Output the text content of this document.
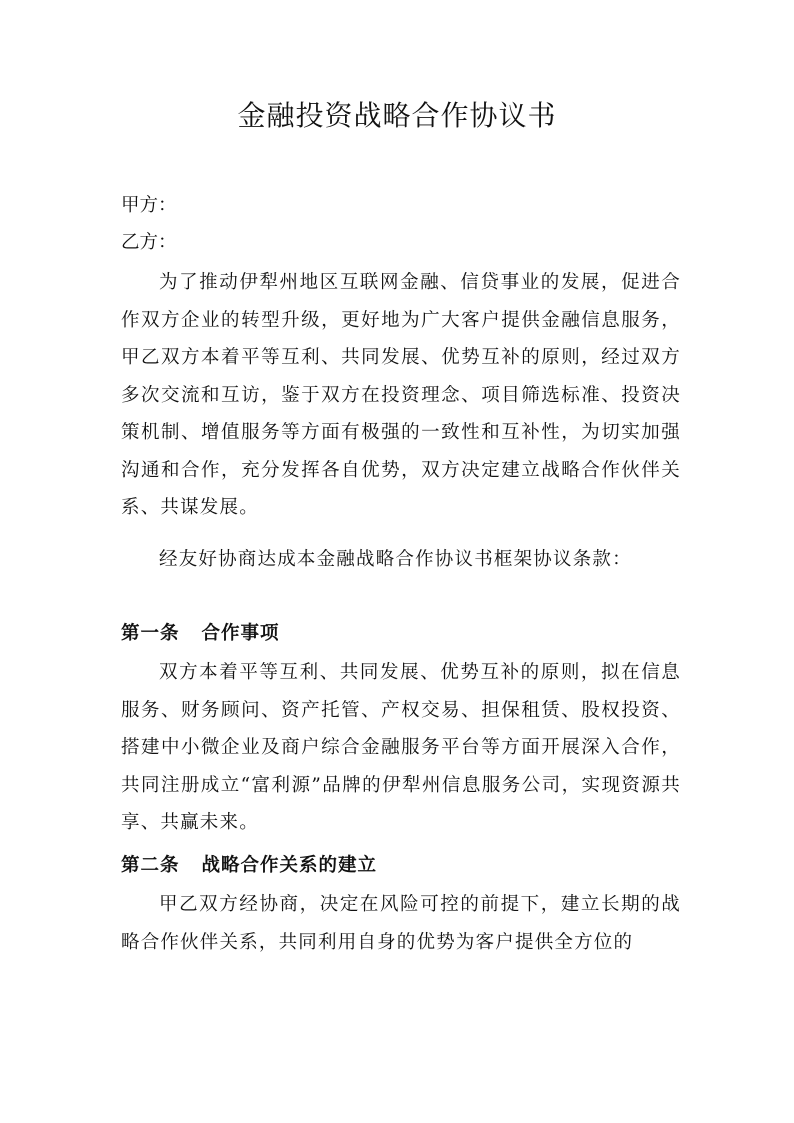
金融投资战略合作协议书
甲方：
乙方：

为了推动伊犁州地区互联网金融、信贷事业的发展，促进合作双方企业的转型升级，更好地为广大客户提供金融信息服务，甲乙双方本着平等互利、共同发展、优势互补的原则，经过双方多次交流和互访，鉴于双方在投资理念、项目筛选标准、投资决策机制、增值服务等方面有极强的一致性和互补性，为切实加强沟通和合作，充分发挥各自优势，双方决定建立战略合作伙伴关系、共谋发展。

经友好协商达成本金融战略合作协议书框架协议条款：

第一条 合作事项

双方本着平等互利、共同发展、优势互补的原则，拟在信息服务、财务顾问、资产托管、产权交易、担保租赁、股权投资、搭建中小微企业及商户综合金融服务平台等方面开展深入合作，共同注册成立“富利源”品牌的伊犁州信息服务公司，实现资源共享、共赢未来。

第二条 战略合作关系的建立

甲乙双方经协商，决定在风险可控的前提下，建立长期的战略合作伙伴关系，共同利用自身的优势为客户提供全方位的
